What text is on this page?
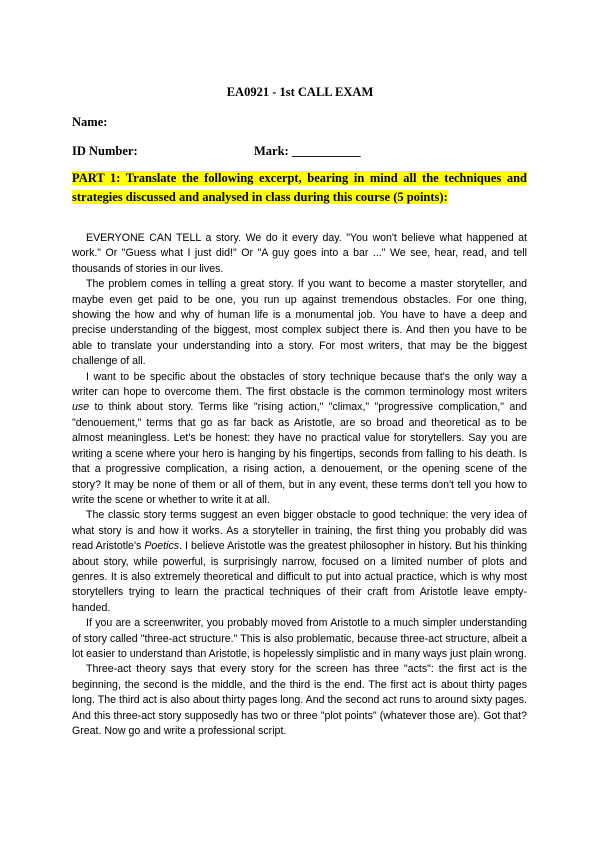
EA0921 - 1st CALL EXAM
Name:
ID Number:	Mark: ___________
PART 1: Translate the following excerpt, bearing in mind all the techniques and strategies discussed and analysed in class during this course (5 points):

EVERYONE CAN TELL a story. We do it every day. "You won't believe what happened at work." Or "Guess what I just did!" Or "A guy goes into a bar ..." We see, hear, read, and tell thousands of stories in our lives.

The problem comes in telling a great story. If you want to become a master storyteller, and maybe even get paid to be one, you run up against tremendous obstacles. For one thing, showing the how and why of human life is a monumental job. You have to have a deep and precise understanding of the biggest, most complex subject there is. And then you have to be able to translate your understanding into a story. For most writers, that may be the biggest challenge of all.

I want to be specific about the obstacles of story technique because that's the only way a writer can hope to overcome them. The first obstacle is the common terminology most writers use to think about story. Terms like "rising action," "climax," "progressive complication," and "denouement," terms that go as far back as Aristotle, are so broad and theoretical as to be almost meaningless. Let's be honest: they have no practical value for storytellers. Say you are writing a scene where your hero is hanging by his fingertips, seconds from falling to his death. Is that a progressive complication, a rising action, a denouement, or the opening scene of the story? It may be none of them or all of them, but in any event, these terms don't tell you how to write the scene or whether to write it at all.

The classic story terms suggest an even bigger obstacle to good technique: the very idea of what story is and how it works. As a storyteller in training, the first thing you probably did was read Aristotle's Poetics. I believe Aristotle was the greatest philosopher in history. But his thinking about story, while powerful, is surprisingly narrow, focused on a limited number of plots and genres. It is also extremely theoretical and difficult to put into actual practice, which is why most storytellers trying to learn the practical techniques of their craft from Aristotle leave empty-handed.

If you are a screenwriter, you probably moved from Aristotle to a much simpler understanding of story called "three-act structure." This is also problematic, because three-act structure, albeit a lot easier to understand than Aristotle, is hopelessly simplistic and in many ways just plain wrong.

Three-act theory says that every story for the screen has three "acts": the first act is the beginning, the second is the middle, and the third is the end. The first act is about thirty pages long. The third act is also about thirty pages long. And the second act runs to around sixty pages. And this three-act story supposedly has two or three "plot points" (whatever those are). Got that? Great. Now go and write a professional script.
